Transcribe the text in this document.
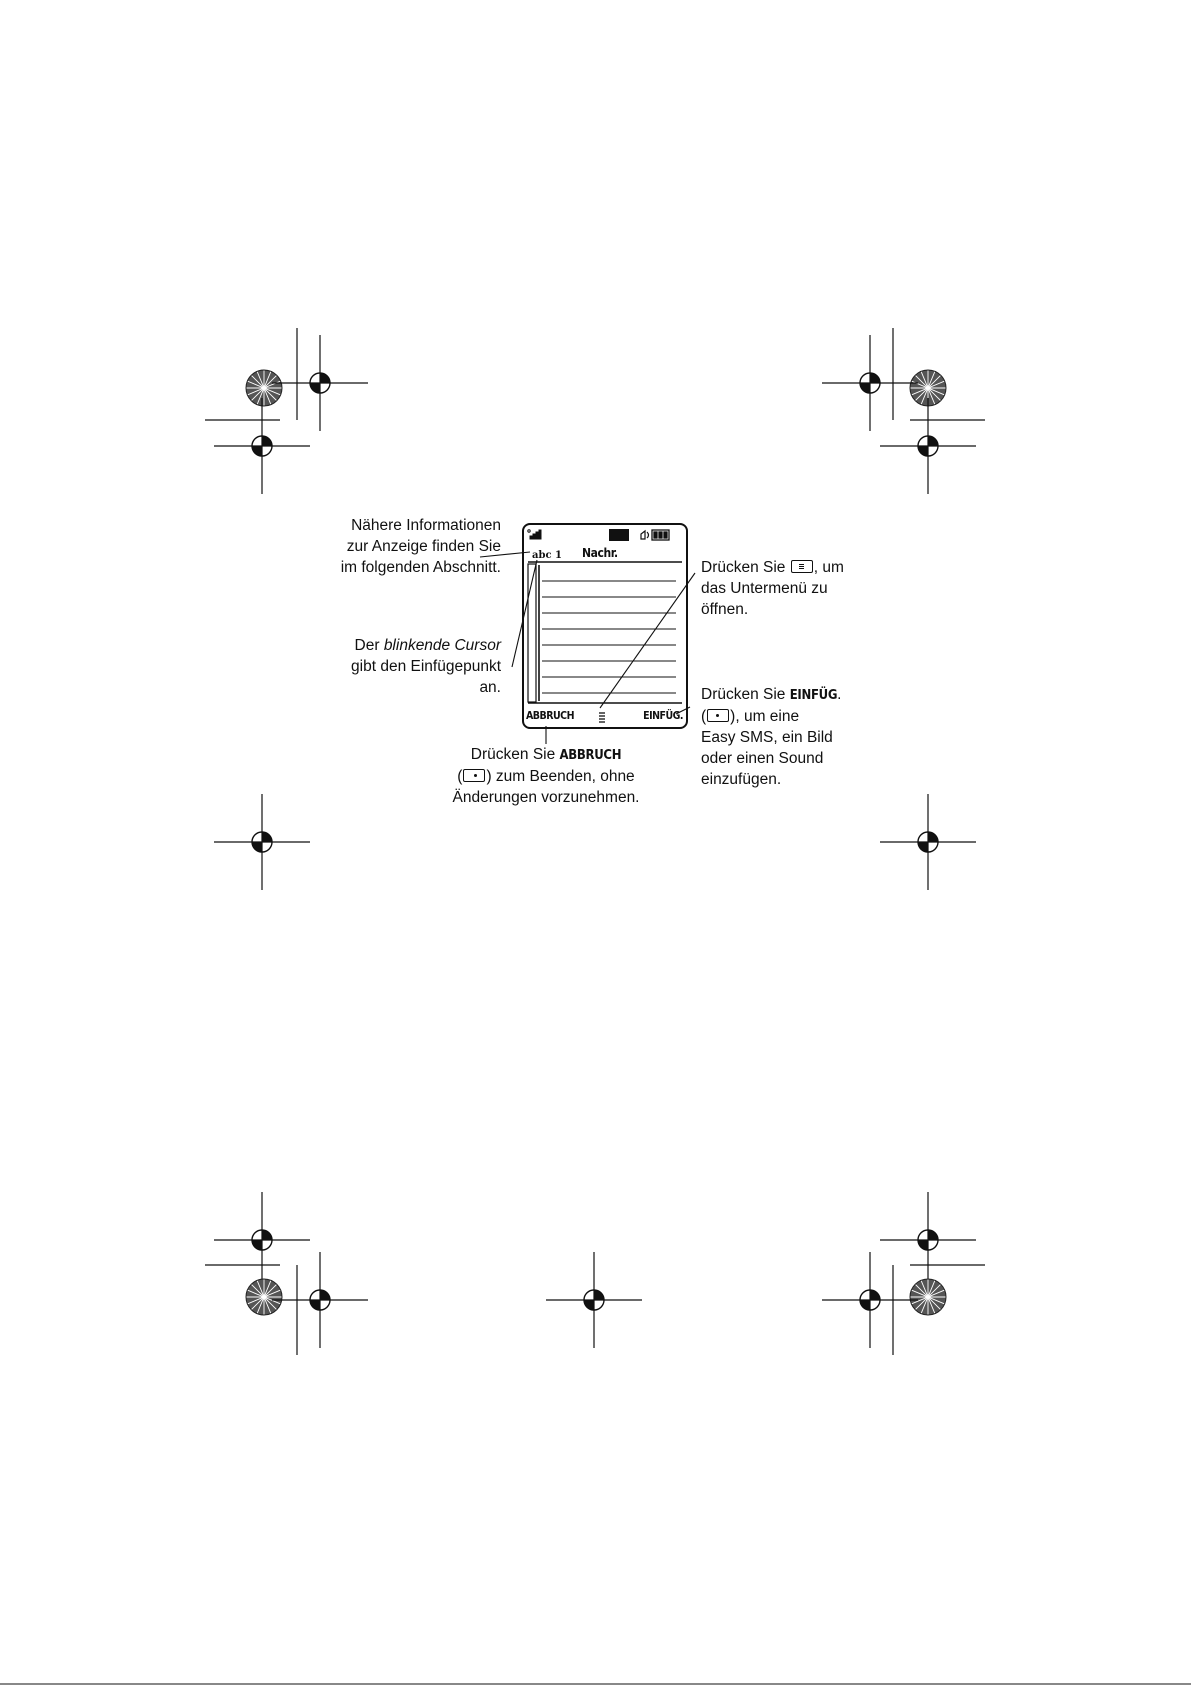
abc 1 Nachr.
ABBRUCH	EINFÜG.
Nähere Informationen
zur Anzeige finden Sie
im folgenden Abschnitt.
Der blinkende Cursor
gibt den Einfügepunkt
an.
Drücken Sie , um
das Untermenü zu
öffnen.
Drücken Sie EINFÜG.
( ), um eine
Easy SMS, ein Bild
oder einen Sound
einzufügen.
Drücken Sie ABBRUCH
( ) zum Beenden, ohne
Änderungen vorzunehmen.
